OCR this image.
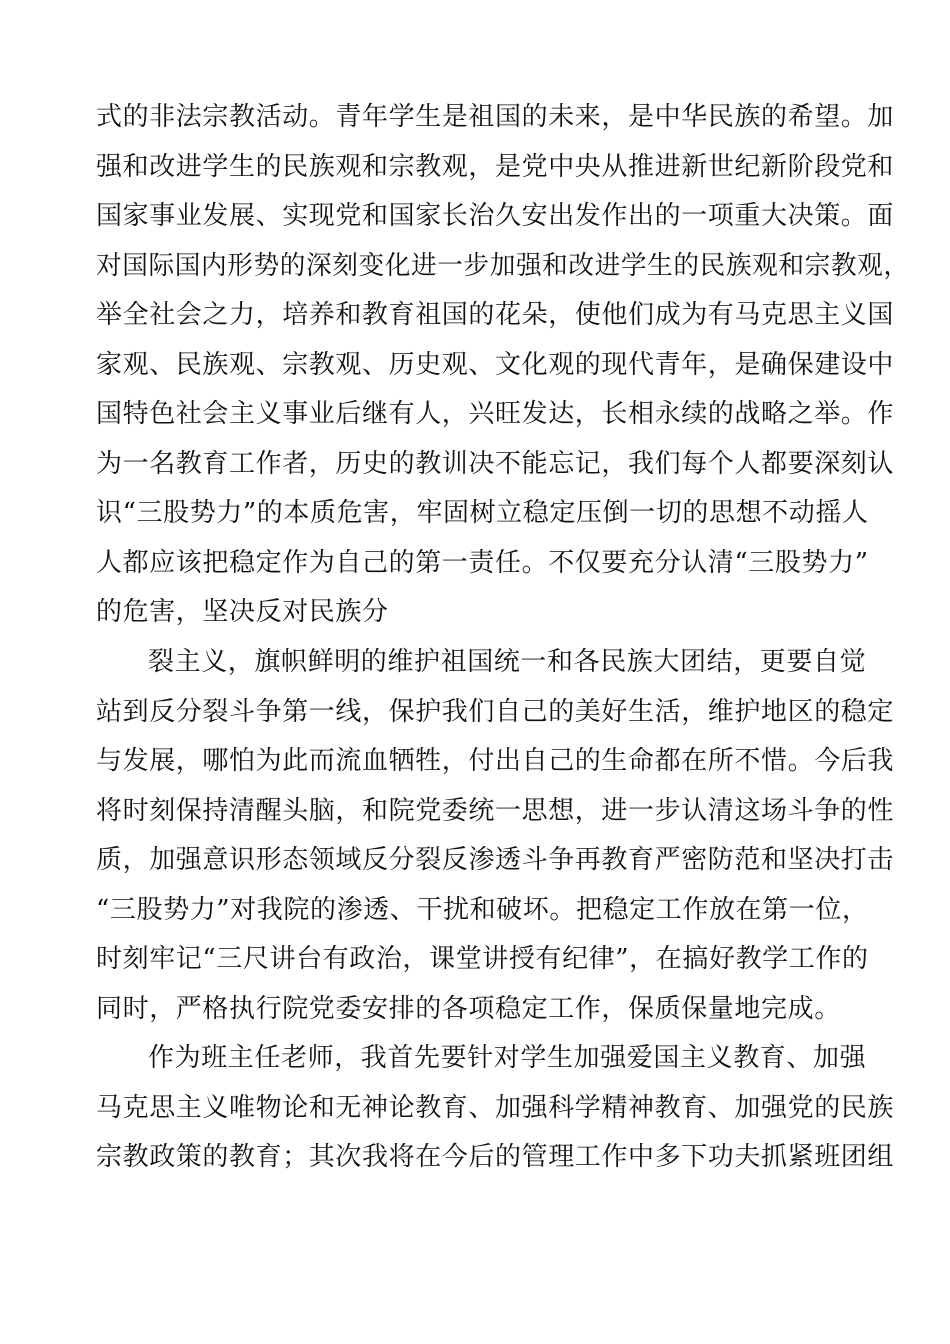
式的非法宗教活动。青年学生是祖国的未来，是中华民族的希望。加
强和改进学生的民族观和宗教观，是党中央从推进新世纪新阶段党和
国家事业发展、实现党和国家长治久安出发作出的一项重大决策。面
对国际国内形势的深刻变化进一步加强和改进学生的民族观和宗教观，
举全社会之力，培养和教育祖国的花朵，使他们成为有马克思主义国
家观、民族观、宗教观、历史观、文化观的现代青年，是确保建设中
国特色社会主义事业后继有人，兴旺发达，长相永续的战略之举。作
为一名教育工作者，历史的教训决不能忘记，我们每个人都要深刻认
识“三股势力”的本质危害，牢固树立稳定压倒一切的思想不动摇人
人都应该把稳定作为自己的第一责任。不仅要充分认清“三股势力”
的危害，坚决反对民族分
裂主义，旗帜鲜明的维护祖国统一和各民族大团结，更要自觉
站到反分裂斗争第一线，保护我们自己的美好生活，维护地区的稳定
与发展，哪怕为此而流血牺牲，付出自己的生命都在所不惜。今后我
将时刻保持清醒头脑，和院党委统一思想，进一步认清这场斗争的性
质，加强意识形态领域反分裂反渗透斗争再教育严密防范和坚决打击
“三股势力”对我院的渗透、干扰和破坏。把稳定工作放在第一位，
时刻牢记“三尺讲台有政治，课堂讲授有纪律”，在搞好教学工作的
同时，严格执行院党委安排的各项稳定工作，保质保量地完成。
作为班主任老师，我首先要针对学生加强爱国主义教育、加强
马克思主义唯物论和无神论教育、加强科学精神教育、加强党的民族
宗教政策的教育；其次我将在今后的管理工作中多下功夫抓紧班团组
